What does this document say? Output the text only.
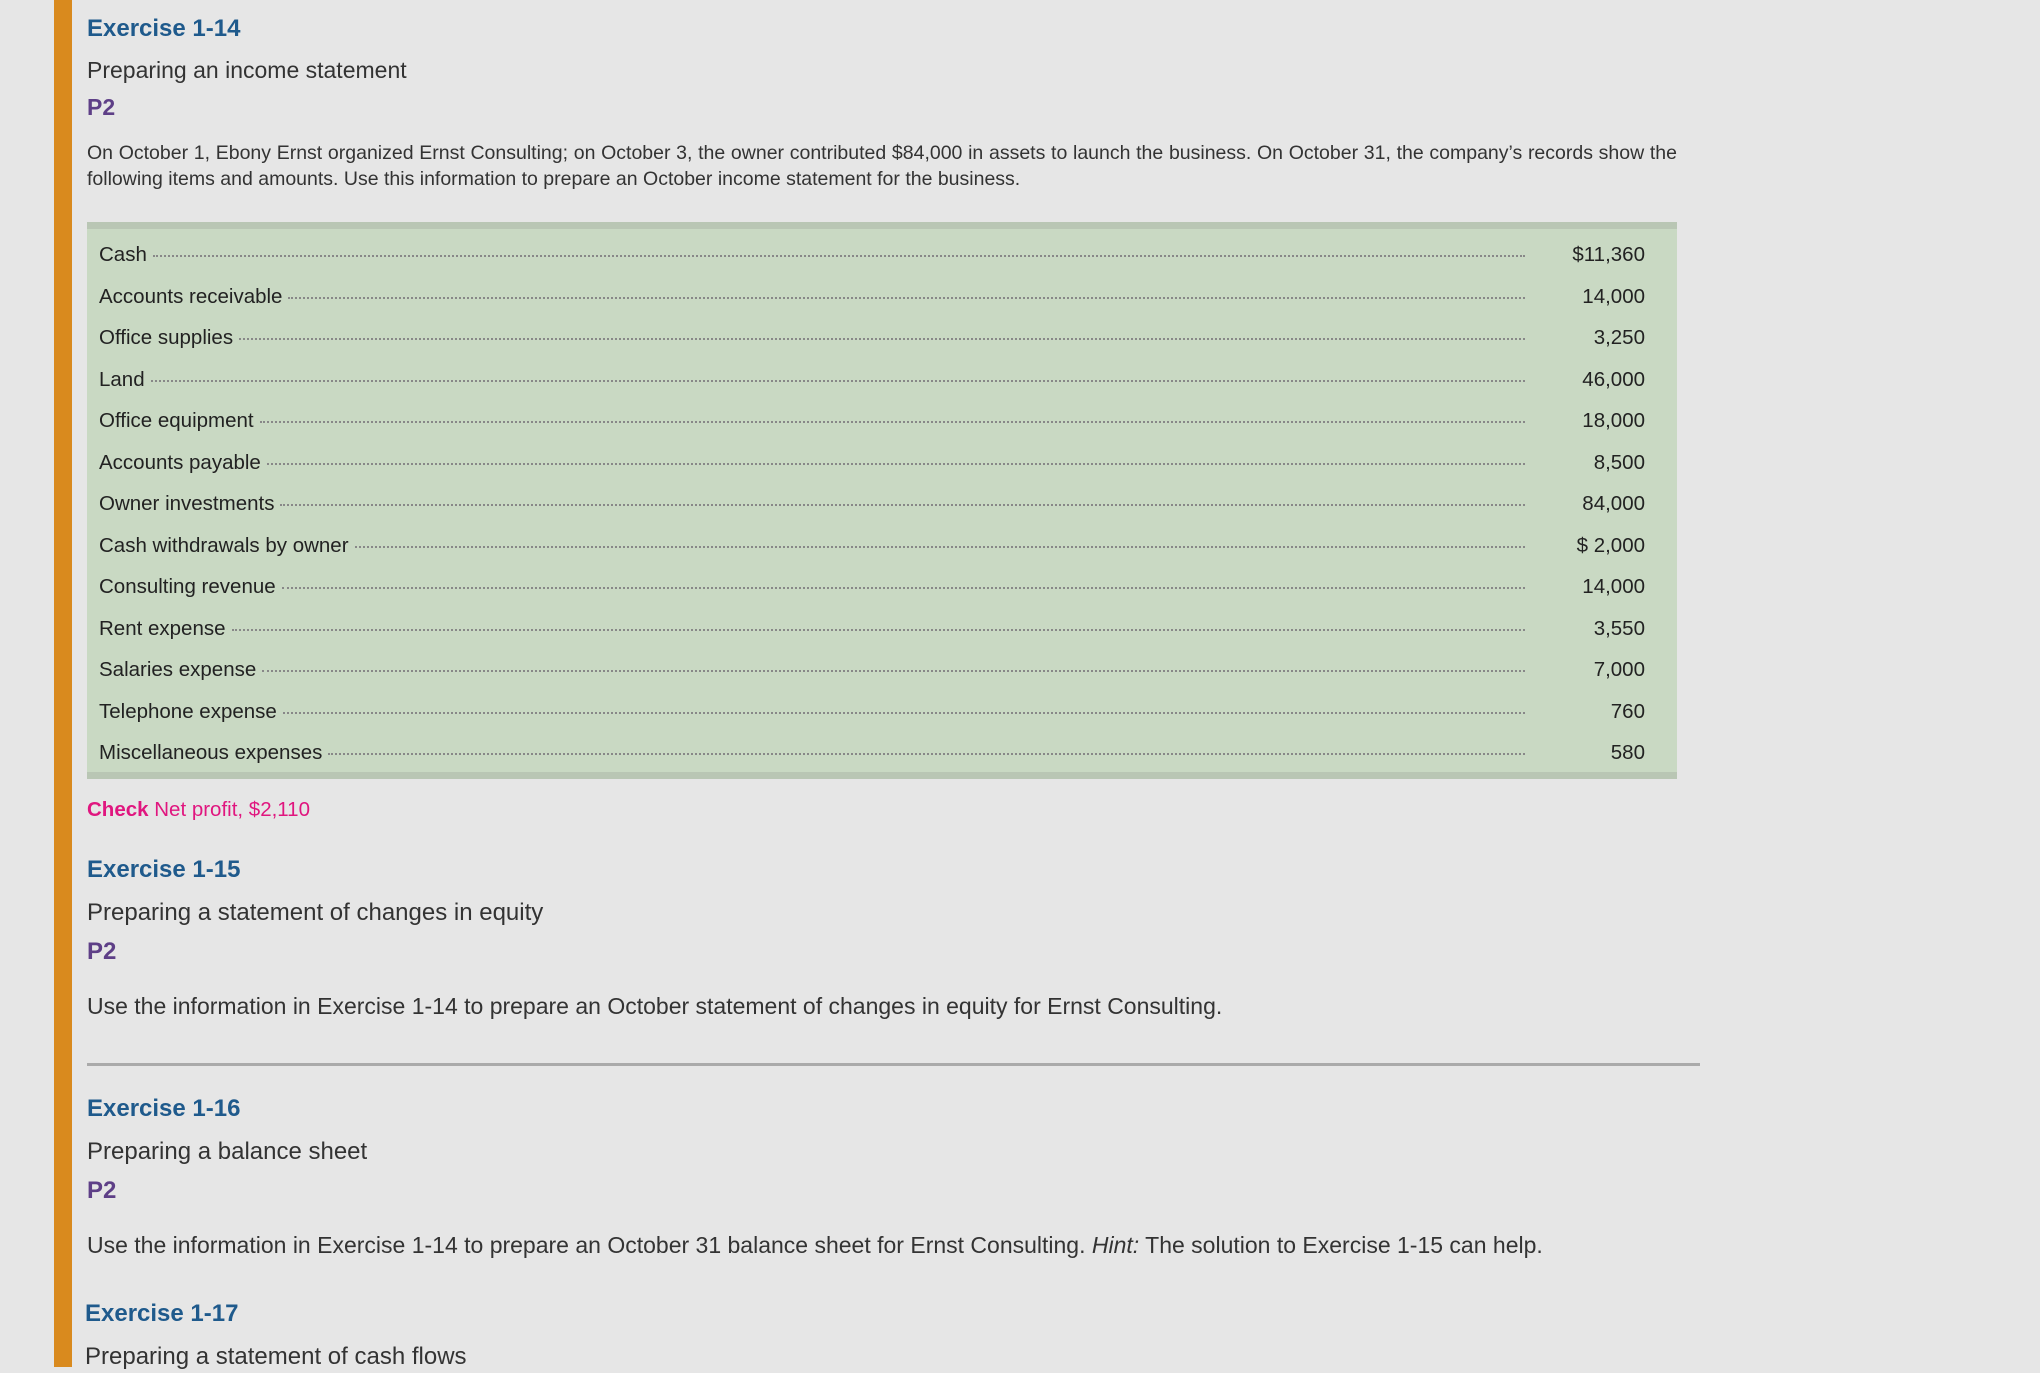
Exercise 1-14

Preparing an income statement

P2

On October 1, Ebony Ernst organized Ernst Consulting; on October 3, the owner contributed $84,000 in assets to launch the business. On October 31, the company’s records show the following items and amounts. Use this information to prepare an October income statement for the business.

Cash	$11,360
Accounts receivable	14,000
Office supplies	3,250
Land	46,000
Office equipment	18,000
Accounts payable	8,500
Owner investments	84,000
Cash withdrawals by owner	$ 2,000
Consulting revenue	14,000
Rent expense	3,550
Salaries expense	7,000
Telephone expense	760
Miscellaneous expenses	580
Check Net profit, $2,110
Exercise 1-15

Preparing a statement of changes in equity

P2

Use the information in Exercise 1-14 to prepare an October statement of changes in equity for Ernst Consulting.

Exercise 1-16

Preparing a balance sheet

P2

Use the information in Exercise 1-14 to prepare an October 31 balance sheet for Ernst Consulting. Hint: The solution to Exercise 1-15 can help.

Exercise 1-17

Preparing a statement of cash flows
